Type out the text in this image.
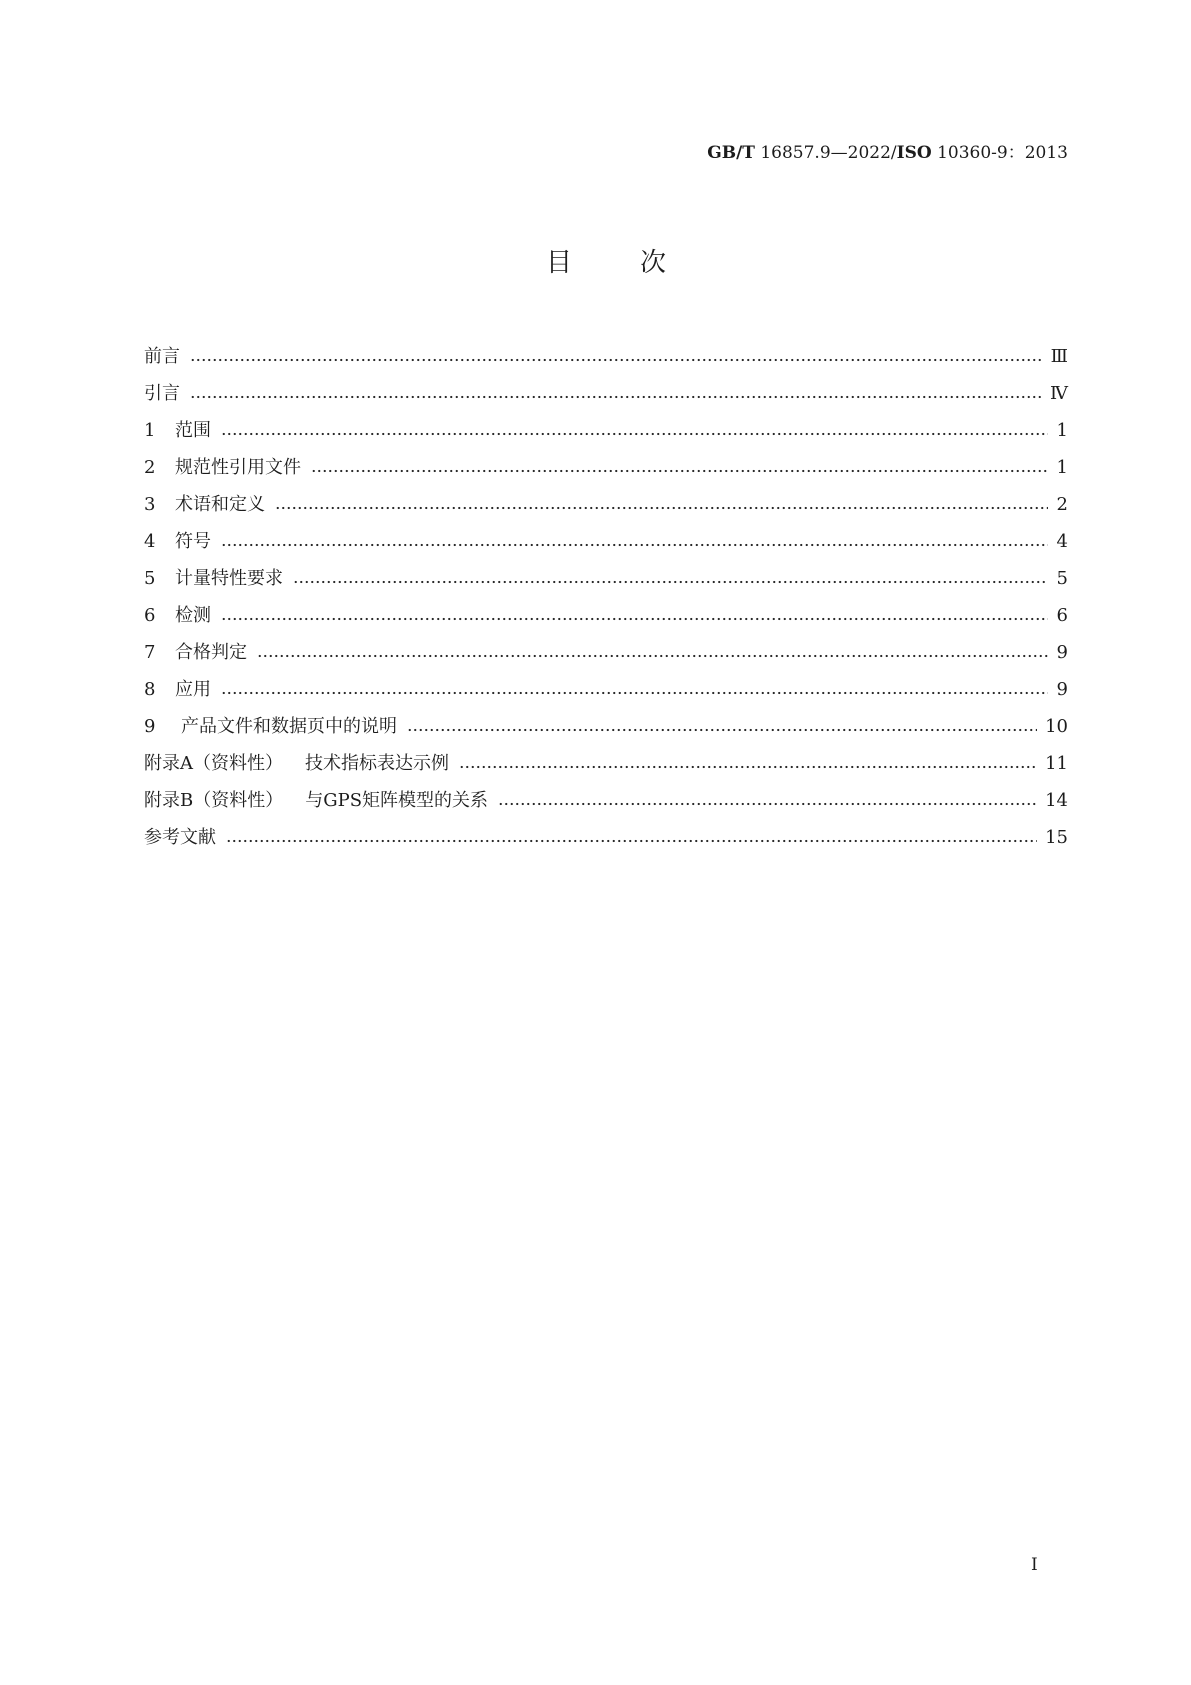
GB/T 16857.9—2022/ISO 10360-9：2013
目次
前言	Ⅲ
引言	Ⅳ
1	范围	1
2	规范性引用文件	1
3	术语和定义	2
4	符号	4
5	计量特性要求	5
6	检测	6
7	合格判定	9
8	应用	9
9	产品文件和数据页中的说明	10
附录A（资料性） 技术指标表达示例	11
附录B（资料性） 与GPS矩阵模型的关系	14
参考文献	15
I
